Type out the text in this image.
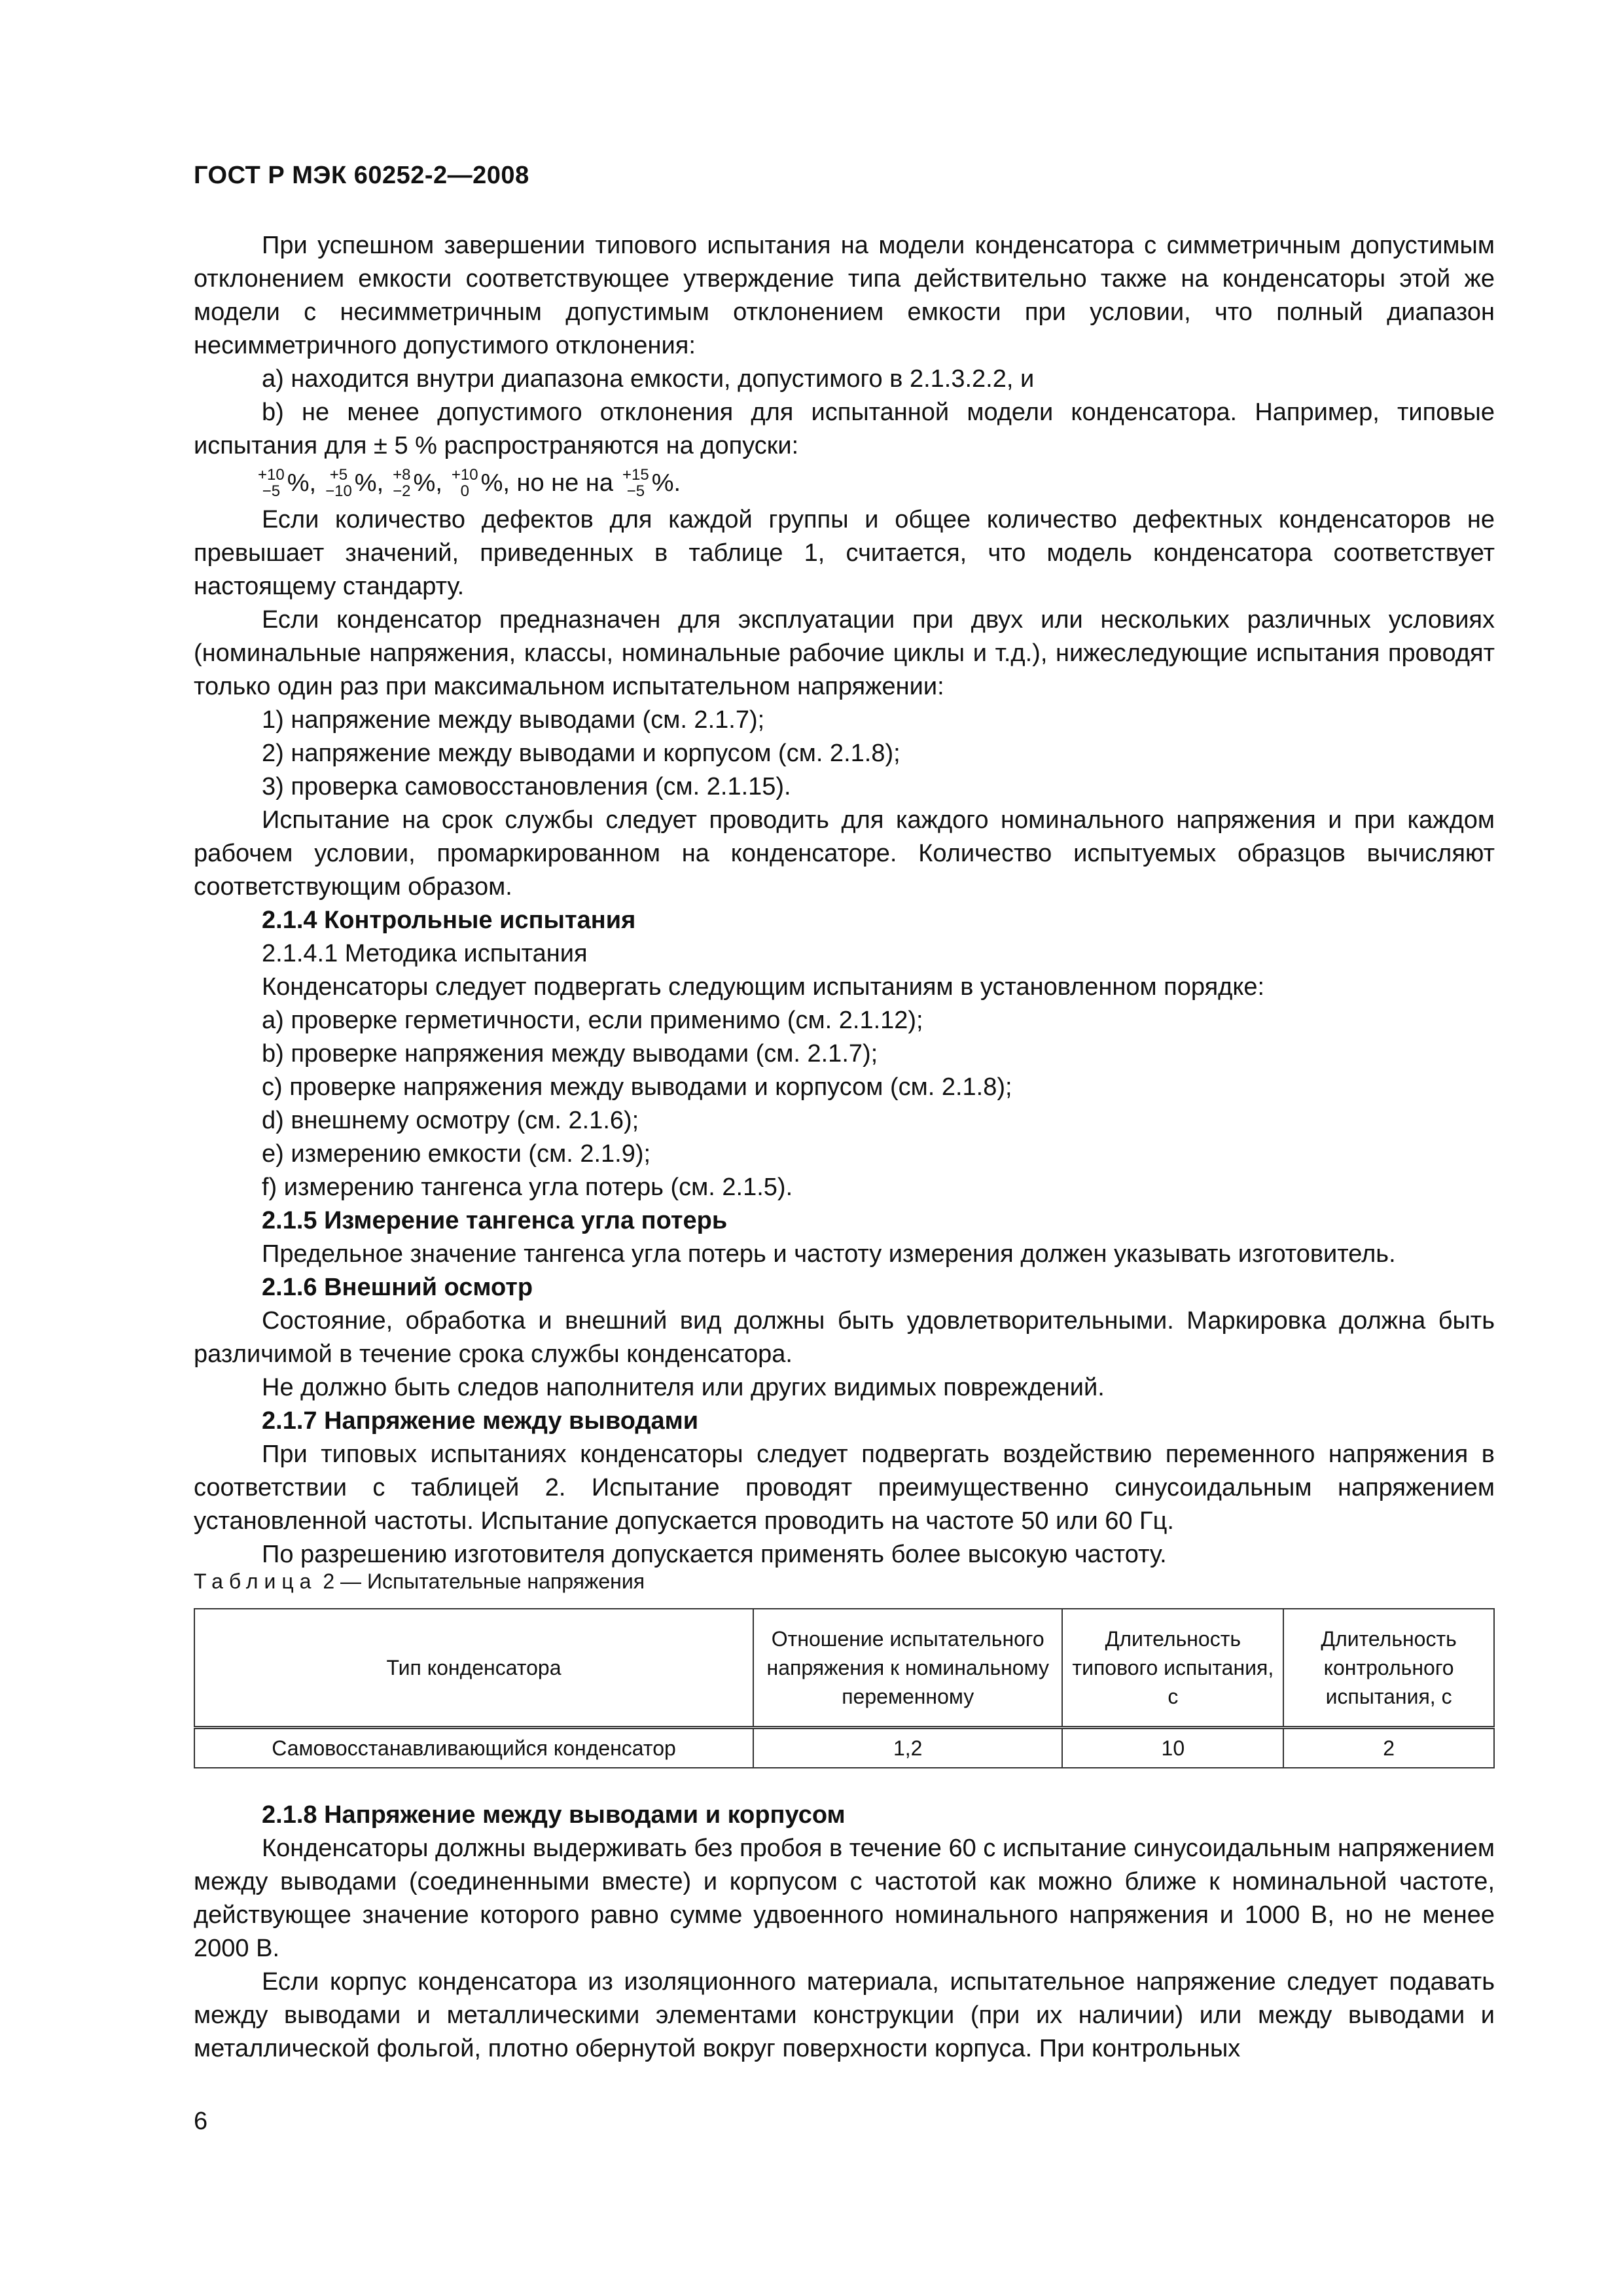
ГОСТ Р МЭК 60252-2—2008

При успешном завершении типового испытания на модели конденсатора с симметричным допустимым отклонением емкости соответствующее утверждение типа действительно также на конденсаторы этой же модели с несимметричным допустимым отклонением емкости при условии, что полный диапазон несимметричного допустимого отклонения:

а) находится внутри диапазона емкости, допустимого в 2.1.3.2.2, и

b) не менее допустимого отклонения для испытанной модели конденсатора. Например, типовые испытания для ± 5 % распространяются на допуски:

+10
−5 %, +5
−10 %, +8
−2 %, +10
0 %, но не на +15
−5 %.

Если количество дефектов для каждой группы и общее количество дефектных конденсаторов не превышает значений, приведенных в таблице 1, считается, что модель конденсатора соответствует настоящему стандарту.

Если конденсатор предназначен для эксплуатации при двух или нескольких различных условиях (номинальные напряжения, классы, номинальные рабочие циклы и т.д.), нижеследующие испытания проводят только один раз при максимальном испытательном напряжении:

1) напряжение между выводами (см. 2.1.7);

2) напряжение между выводами и корпусом (см. 2.1.8);

3) проверка самовосстановления (см. 2.1.15).

Испытание на срок службы следует проводить для каждого номинального напряжения и при каждом рабочем условии, промаркированном на конденсаторе. Количество испытуемых образцов вычисляют соответствующим образом.

2.1.4 Контрольные испытания

2.1.4.1 Методика испытания

Конденсаторы следует подвергать следующим испытаниям в установленном порядке:

a) проверке герметичности, если применимо (см. 2.1.12);

b) проверке напряжения между выводами (см. 2.1.7);

c) проверке напряжения между выводами и корпусом (см. 2.1.8);

d) внешнему осмотру (см. 2.1.6);

e) измерению емкости (см. 2.1.9);

f) измерению тангенса угла потерь (см. 2.1.5).

2.1.5 Измерение тангенса угла потерь

Предельное значение тангенса угла потерь и частоту измерения должен указывать изготовитель.

2.1.6 Внешний осмотр

Состояние, обработка и внешний вид должны быть удовлетворительными. Маркировка должна быть различимой в течение срока службы конденсатора.

Не должно быть следов наполнителя или других видимых повреждений.

2.1.7 Напряжение между выводами

При типовых испытаниях конденсаторы следует подвергать воздействию переменного напряжения в соответствии с таблицей 2. Испытание проводят преимущественно синусоидальным напряжением установленной частоты. Испытание допускается проводить на частоте 50 или 60 Гц.

По разрешению изготовителя допускается применять более высокую частоту.

Таблица 2 — Испытательные напряжения
Тип конденсатора	Отношение испытательного напряжения к номинальному переменному	Длительность типового испытания, с	Длительность контрольного испытания, с
Самовосстанавливающийся конденсатор	1,2	10	2

2.1.8 Напряжение между выводами и корпусом

Конденсаторы должны выдерживать без пробоя в течение 60 с испытание синусоидальным напряжением между выводами (соединенными вместе) и корпусом с частотой как можно ближе к номинальной частоте, действующее значение которого равно сумме удвоенного номинального напряжения и 1000 В, но не менее 2000 В.

Если корпус конденсатора из изоляционного материала, испытательное напряжение следует подавать между выводами и металлическими элементами конструкции (при их наличии) или между выводами и металлической фольгой, плотно обернутой вокруг поверхности корпуса. При контрольных

6
